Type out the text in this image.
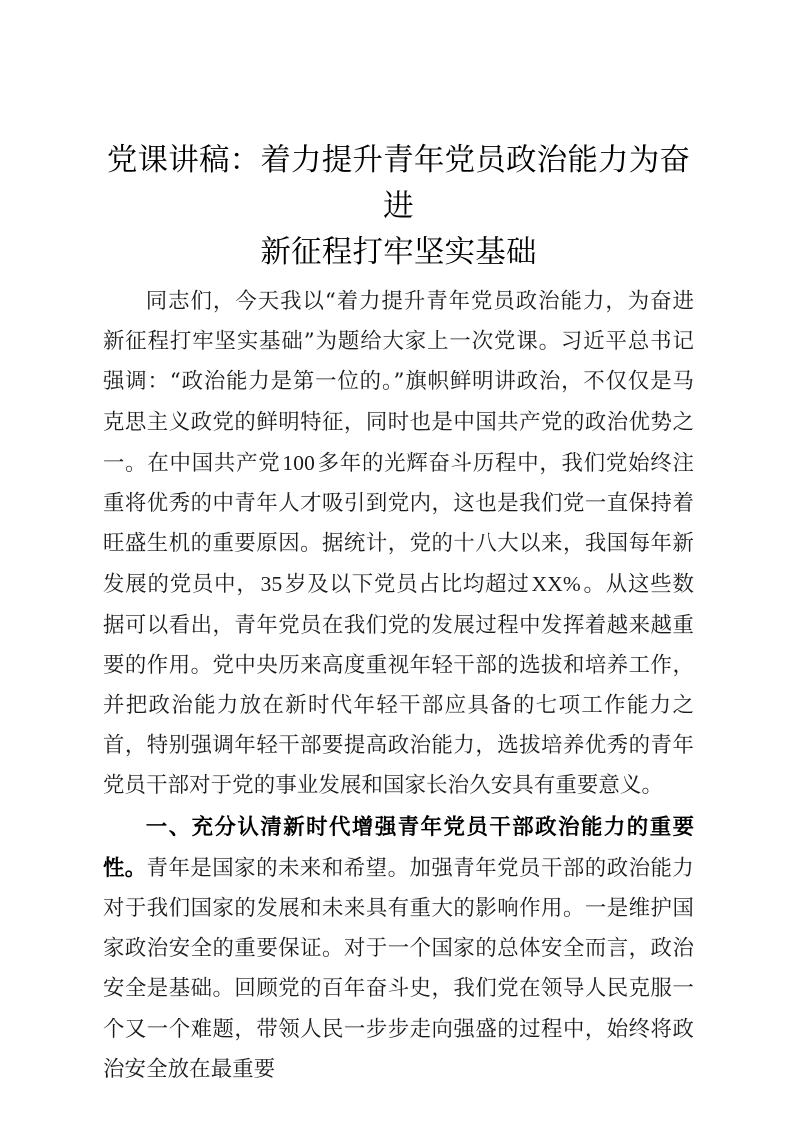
党课讲稿：着力提升青年党员政治能力为奋进
新征程打牢坚实基础

同志们，今天我以“着力提升青年党员政治能力，为奋进新征程打牢坚实基础”为题给大家上一次党课。习近平总书记强调：“政治能力是第一位的。”旗帜鲜明讲政治，不仅仅是马克思主义政党的鲜明特征，同时也是中国共产党的政治优势之一。在中国共产党100多年的光辉奋斗历程中，我们党始终注重将优秀的中青年人才吸引到党内，这也是我们党一直保持着旺盛生机的重要原因。据统计，党的十八大以来，我国每年新发展的党员中，35岁及以下党员占比均超过XX%。从这些数据可以看出，青年党员在我们党的发展过程中发挥着越来越重要的作用。党中央历来高度重视年轻干部的选拔和培养工作，并把政治能力放在新时代年轻干部应具备的七项工作能力之首，特别强调年轻干部要提高政治能力，选拔培养优秀的青年党员干部对于党的事业发展和国家长治久安具有重要意义。

一、充分认清新时代增强青年党员干部政治能力的重要性。青年是国家的未来和希望。加强青年党员干部的政治能力对于我们国家的发展和未来具有重大的影响作用。一是维护国家政治安全的重要保证。对于一个国家的总体安全而言，政治安全是基础。回顾党的百年奋斗史，我们党在领导人民克服一个又一个难题，带领人民一步步走向强盛的过程中，始终将政治安全放在最重要
